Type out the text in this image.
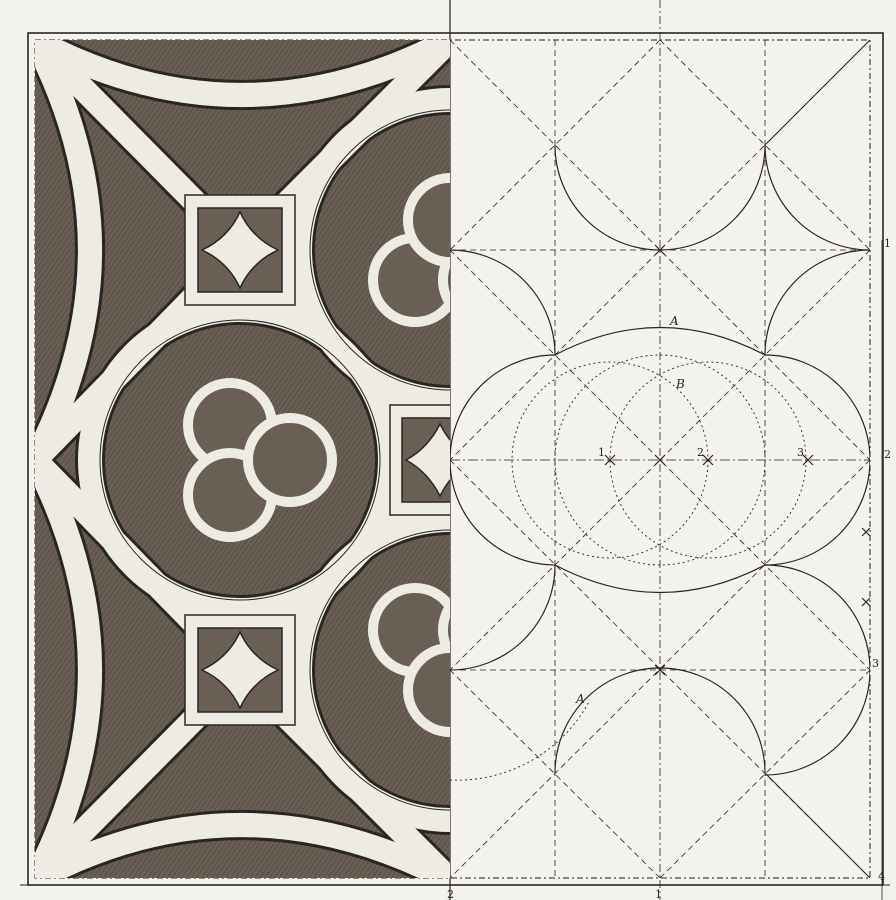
A
B
A
1	2	3
1
2
3
4
2	1
